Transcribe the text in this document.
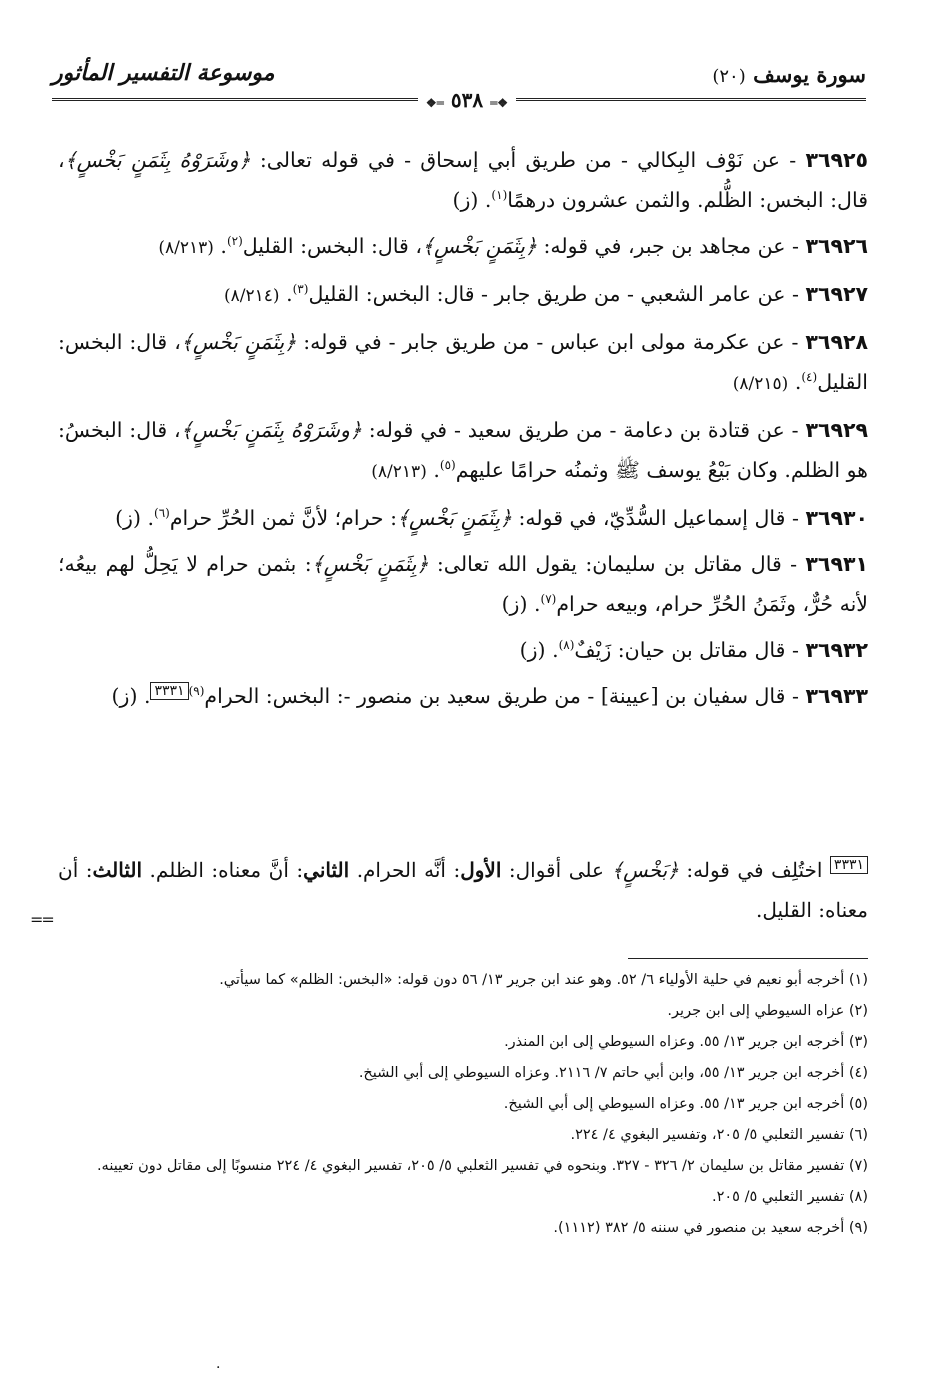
سورة يوسف (٢٠)
موسوعة التفسير المأثور
❖═ ٥٣٨ ═❖

٣٦٩٢٥ - عن نَوْف البِكالي - من طريق أبي إسحاق - في قوله تعالى: ﴿وشَرَوْهُ بِثَمَنٍ بَخْسٍ﴾، قال: البخس: الظُّلم. والثمن عشرون درهمًا$^{(١)}$. (ز)

٣٦٩٢٦ - عن مجاهد بن جبر، في قوله: ﴿بِثَمَنٍ بَخْسٍ﴾، قال: البخس: القليل$^{(٢)}$. (٨/٢١٣)

٣٦٩٢٧ - عن عامر الشعبي - من طريق جابر - قال: البخس: القليل$^{(٣)}$. (٨/٢١٤)

٣٦٩٢٨ - عن عكرمة مولى ابن عباس - من طريق جابر - في قوله: ﴿بِثَمَنٍ بَخْسٍ﴾، قال: البخس: القليل$^{(٤)}$. (٨/٢١٥)

٣٦٩٢٩ - عن قتادة بن دعامة - من طريق سعيد - في قوله: ﴿وشَرَوْهُ بِثَمَنٍ بَخْسٍ﴾، قال: البخسُ: هو الظلم. وكان بَيْعُ يوسف ﷺ وثمنُه حرامًا عليهم$^{(٥)}$. (٨/٢١٣)

٣٦٩٣٠ - قال إسماعيل السُّدِّيّ، في قوله: ﴿بِثَمَنٍ بَخْسٍ﴾: حرام؛ لأنَّ ثمن الحُرِّ حرام$^{(٦)}$. (ز)

٣٦٩٣١ - قال مقاتل بن سليمان: يقول الله تعالى: ﴿بِثَمَنٍ بَخْسٍ﴾: بثمن حرام لا يَحِلُّ لهم بيعُه؛ لأنه حُرٌّ، وثَمَنُ الحُرِّ حرام، وبيعه حرام$^{(٧)}$. (ز)

٣٦٩٣٢ - قال مقاتل بن حيان: زَيْفٌ$^{(٨)}$. (ز)

٣٦٩٣٣ - قال سفيان بن [عيينة] - من طريق سعيد بن منصور -: البخس: الحرام$^{(٩)}$٣٣٣١. (ز)

٣٣٣١ اختُلِف في قوله: ﴿بَخْسٍ﴾ على أقوال: الأول: أنَّه الحرام. الثاني: أنَّ معناه: الظلم. الثالث: أن معناه: القليل.
==

(١) أخرجه أبو نعيم في حلية الأولياء ٦/ ٥٢. وهو عند ابن جرير ١٣/ ٥٦ دون قوله: «البخس: الظلم» كما سيأتي.

(٢) عزاه السيوطي إلى ابن جرير.

(٣) أخرجه ابن جرير ١٣/ ٥٥. وعزاه السيوطي إلى ابن المنذر.

(٤) أخرجه ابن جرير ١٣/ ٥٥، وابن أبي حاتم ٧/ ٢١١٦. وعزاه السيوطي إلى أبي الشيخ.

(٥) أخرجه ابن جرير ١٣/ ٥٥. وعزاه السيوطي إلى أبي الشيخ.

(٦) تفسير الثعلبي ٥/ ٢٠٥، وتفسير البغوي ٤/ ٢٢٤.

(٧) تفسير مقاتل بن سليمان ٢/ ٣٢٦ - ٣٢٧. وبنحوه في تفسير الثعلبي ٥/ ٢٠٥، تفسير البغوي ٤/ ٢٢٤ منسوبًا إلى مقاتل دون تعيينه.

(٨) تفسير الثعلبي ٥/ ٢٠٥.

(٩) أخرجه سعيد بن منصور في سننه ٥/ ٣٨٢ (١١١٢).

·
